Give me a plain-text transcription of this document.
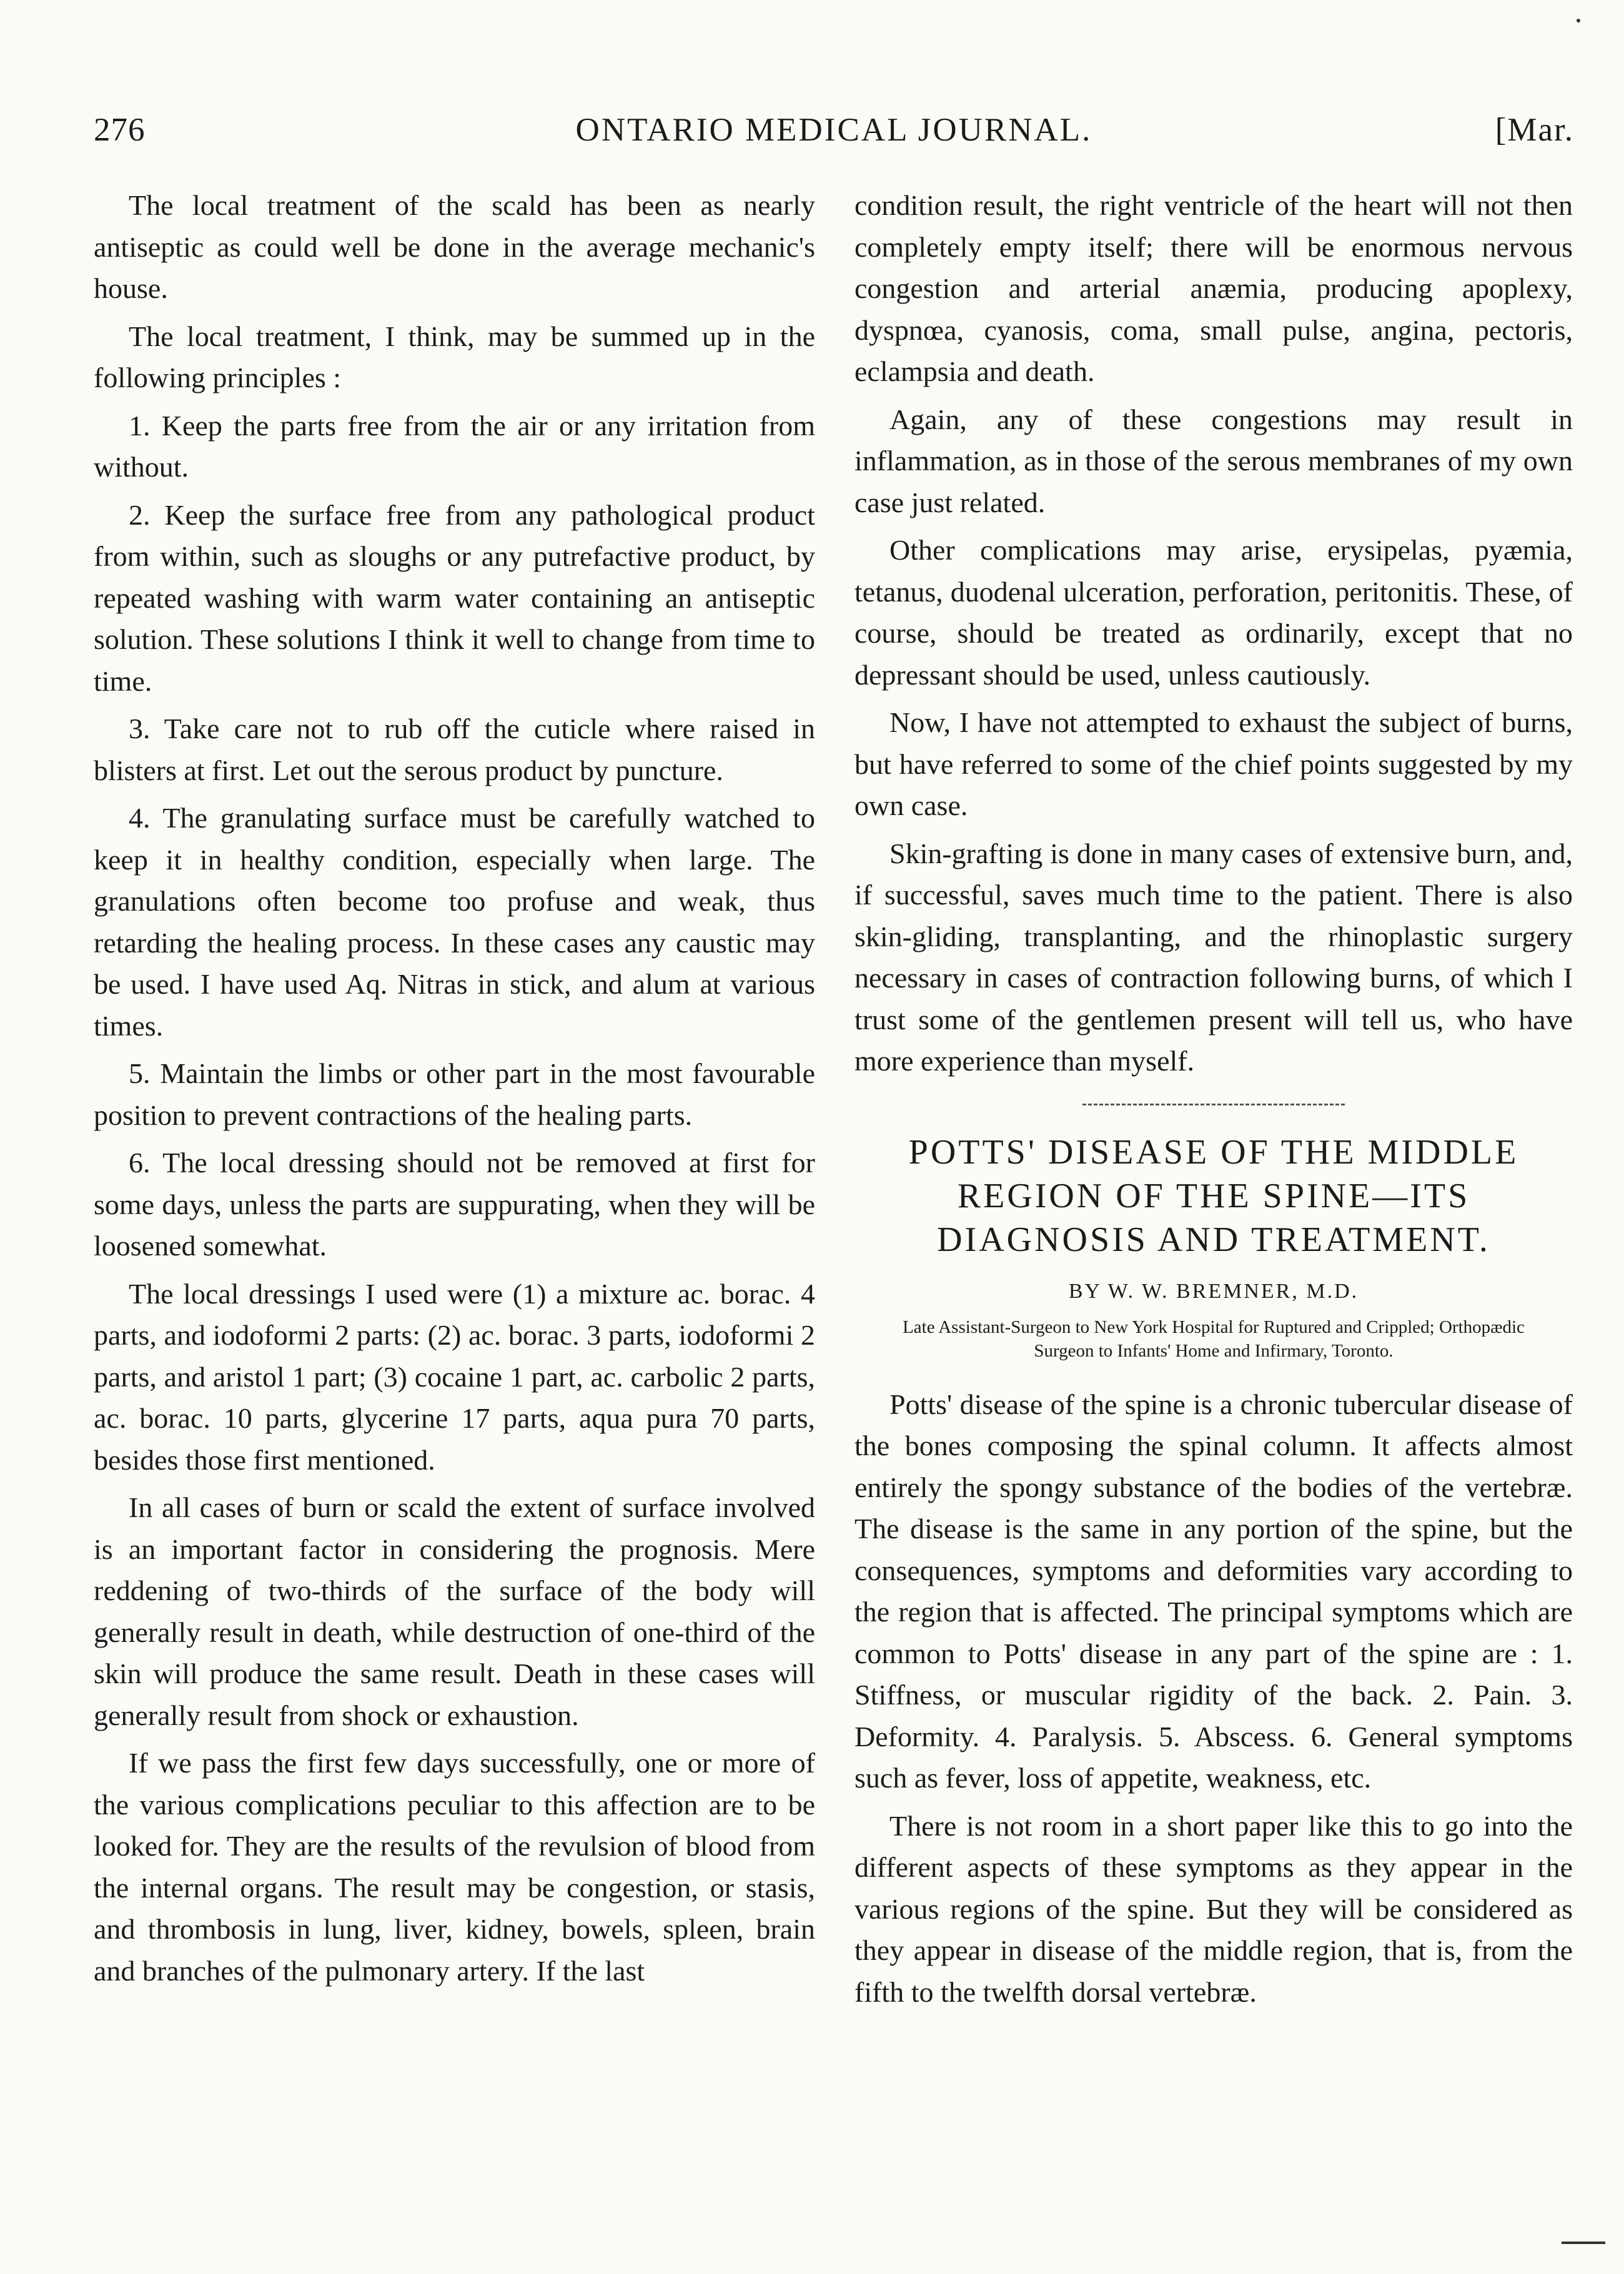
276	ONTARIO MEDICAL JOURNAL.	[Mar.

The local treatment of the scald has been as nearly antiseptic as could well be done in the average mechanic's house.

The local treatment, I think, may be summed up in the following principles :

1. Keep the parts free from the air or any irritation from without.

2. Keep the surface free from any pathological product from within, such as sloughs or any putrefactive product, by repeated washing with warm water containing an antiseptic solution. These solutions I think it well to change from time to time.

3. Take care not to rub off the cuticle where raised in blisters at first. Let out the serous product by puncture.

4. The granulating surface must be carefully watched to keep it in healthy condition, especially when large. The granulations often become too profuse and weak, thus retarding the healing process. In these cases any caustic may be used. I have used Aq. Nitras in stick, and alum at various times.

5. Maintain the limbs or other part in the most favourable position to prevent contractions of the healing parts.

6. The local dressing should not be removed at first for some days, unless the parts are suppurating, when they will be loosened somewhat.

The local dressings I used were (1) a mixture ac. borac. 4 parts, and iodoformi 2 parts: (2) ac. borac. 3 parts, iodoformi 2 parts, and aristol 1 part; (3) cocaine 1 part, ac. carbolic 2 parts, ac. borac. 10 parts, glycerine 17 parts, aqua pura 70 parts, besides those first mentioned.

In all cases of burn or scald the extent of surface involved is an important factor in considering the prognosis. Mere reddening of two-thirds of the surface of the body will generally result in death, while destruction of one-third of the skin will produce the same result. Death in these cases will generally result from shock or exhaustion.

If we pass the first few days successfully, one or more of the various complications peculiar to this affection are to be looked for. They are the results of the revulsion of blood from the internal organs. The result may be congestion, or stasis, and thrombosis in lung, liver, kidney, bowels, spleen, brain and branches of the pulmonary artery. If the last

condition result, the right ventricle of the heart will not then completely empty itself; there will be enormous nervous congestion and arterial anæmia, producing apoplexy, dyspnœa, cyanosis, coma, small pulse, angina, pectoris, eclampsia and death.

Again, any of these congestions may result in inflammation, as in those of the serous membranes of my own case just related.

Other complications may arise, erysipelas, pyæmia, tetanus, duodenal ulceration, perforation, peritonitis. These, of course, should be treated as ordinarily, except that no depressant should be used, unless cautiously.

Now, I have not attempted to exhaust the subject of burns, but have referred to some of the chief points suggested by my own case.

Skin-grafting is done in many cases of extensive burn, and, if successful, saves much time to the patient. There is also skin-gliding, transplanting, and the rhinoplastic surgery necessary in cases of contraction following burns, of which I trust some of the gentlemen present will tell us, who have more experience than myself.

POTTS' DISEASE OF THE MIDDLE REGION OF THE SPINE—ITS DIAGNOSIS AND TREATMENT.
BY W. W. BREMNER, M.D.
Late Assistant-Surgeon to New York Hospital for Ruptured and Crippled; Orthopædic Surgeon to Infants' Home and Infirmary, Toronto.

Potts' disease of the spine is a chronic tubercular disease of the bones composing the spinal column. It affects almost entirely the spongy substance of the bodies of the vertebræ. The disease is the same in any portion of the spine, but the consequences, symptoms and deformities vary according to the region that is affected. The principal symptoms which are common to Potts' disease in any part of the spine are : 1. Stiffness, or muscular rigidity of the back. 2. Pain. 3. Deformity. 4. Paralysis. 5. Abscess. 6. General symptoms such as fever, loss of appetite, weakness, etc.

There is not room in a short paper like this to go into the different aspects of these symptoms as they appear in the various regions of the spine. But they will be considered as they appear in disease of the middle region, that is, from the fifth to the twelfth dorsal vertebræ.
